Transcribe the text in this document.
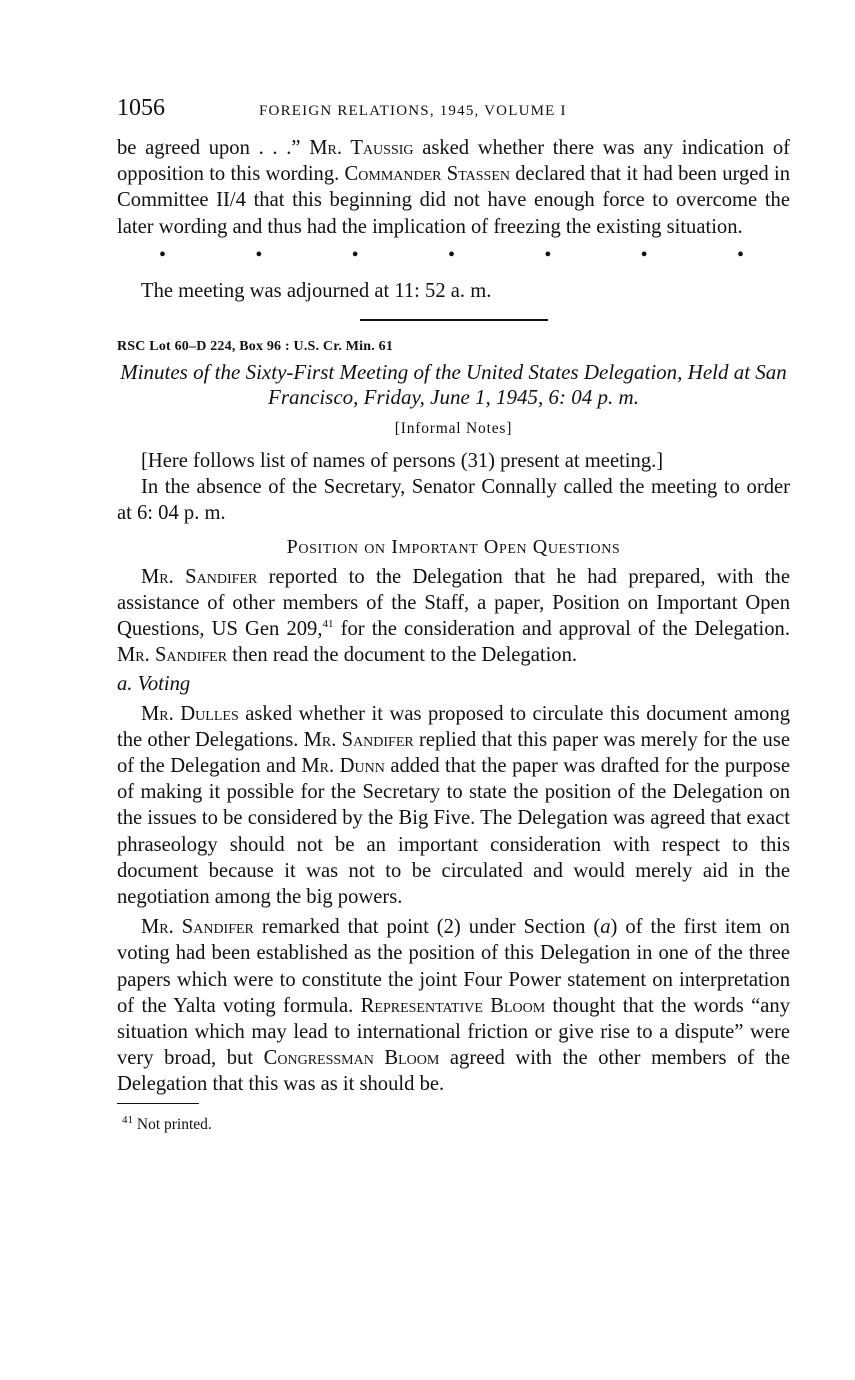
1056	FOREIGN RELATIONS, 1945, VOLUME I

be agreed upon . . .” Mr. Taussig asked whether there was any indication of opposition to this wording. Commander Stassen declared that it had been urged in Committee II/4 that this beginning did not have enough force to overcome the later wording and thus had the implication of freezing the existing situation.

•	•	•	•	•	•	•

The meeting was adjourned at 11: 52 a. m.

RSC Lot 60–D 224, Box 96 : U.S. Cr. Min. 61
Minutes of the Sixty-First Meeting of the United States Delegation, Held at San Francisco, Friday, June 1, 1945, 6: 04 p. m.
[Informal Notes]

[Here follows list of names of persons (31) present at meeting.]

In the absence of the Secretary, Senator Connally called the meeting to order at 6: 04 p. m.

Position on Important Open Questions

Mr. Sandifer reported to the Delegation that he had prepared, with the assistance of other members of the Staff, a paper, Position on Important Open Questions, US Gen 209,41 for the consideration and approval of the Delegation. Mr. Sandifer then read the document to the Delegation.

a. Voting

Mr. Dulles asked whether it was proposed to circulate this document among the other Delegations. Mr. Sandifer replied that this paper was merely for the use of the Delegation and Mr. Dunn added that the paper was drafted for the purpose of making it possible for the Secretary to state the position of the Delegation on the issues to be considered by the Big Five. The Delegation was agreed that exact phraseology should not be an important consideration with respect to this document because it was not to be circulated and would merely aid in the negotiation among the big powers.

Mr. Sandifer remarked that point (2) under Section (a) of the first item on voting had been established as the position of this Delegation in one of the three papers which were to constitute the joint Four Power statement on interpretation of the Yalta voting formula. Representative Bloom thought that the words “any situation which may lead to international friction or give rise to a dispute” were very broad, but Congressman Bloom agreed with the other members of the Delegation that this was as it should be.

$^{41}$ Not printed.
